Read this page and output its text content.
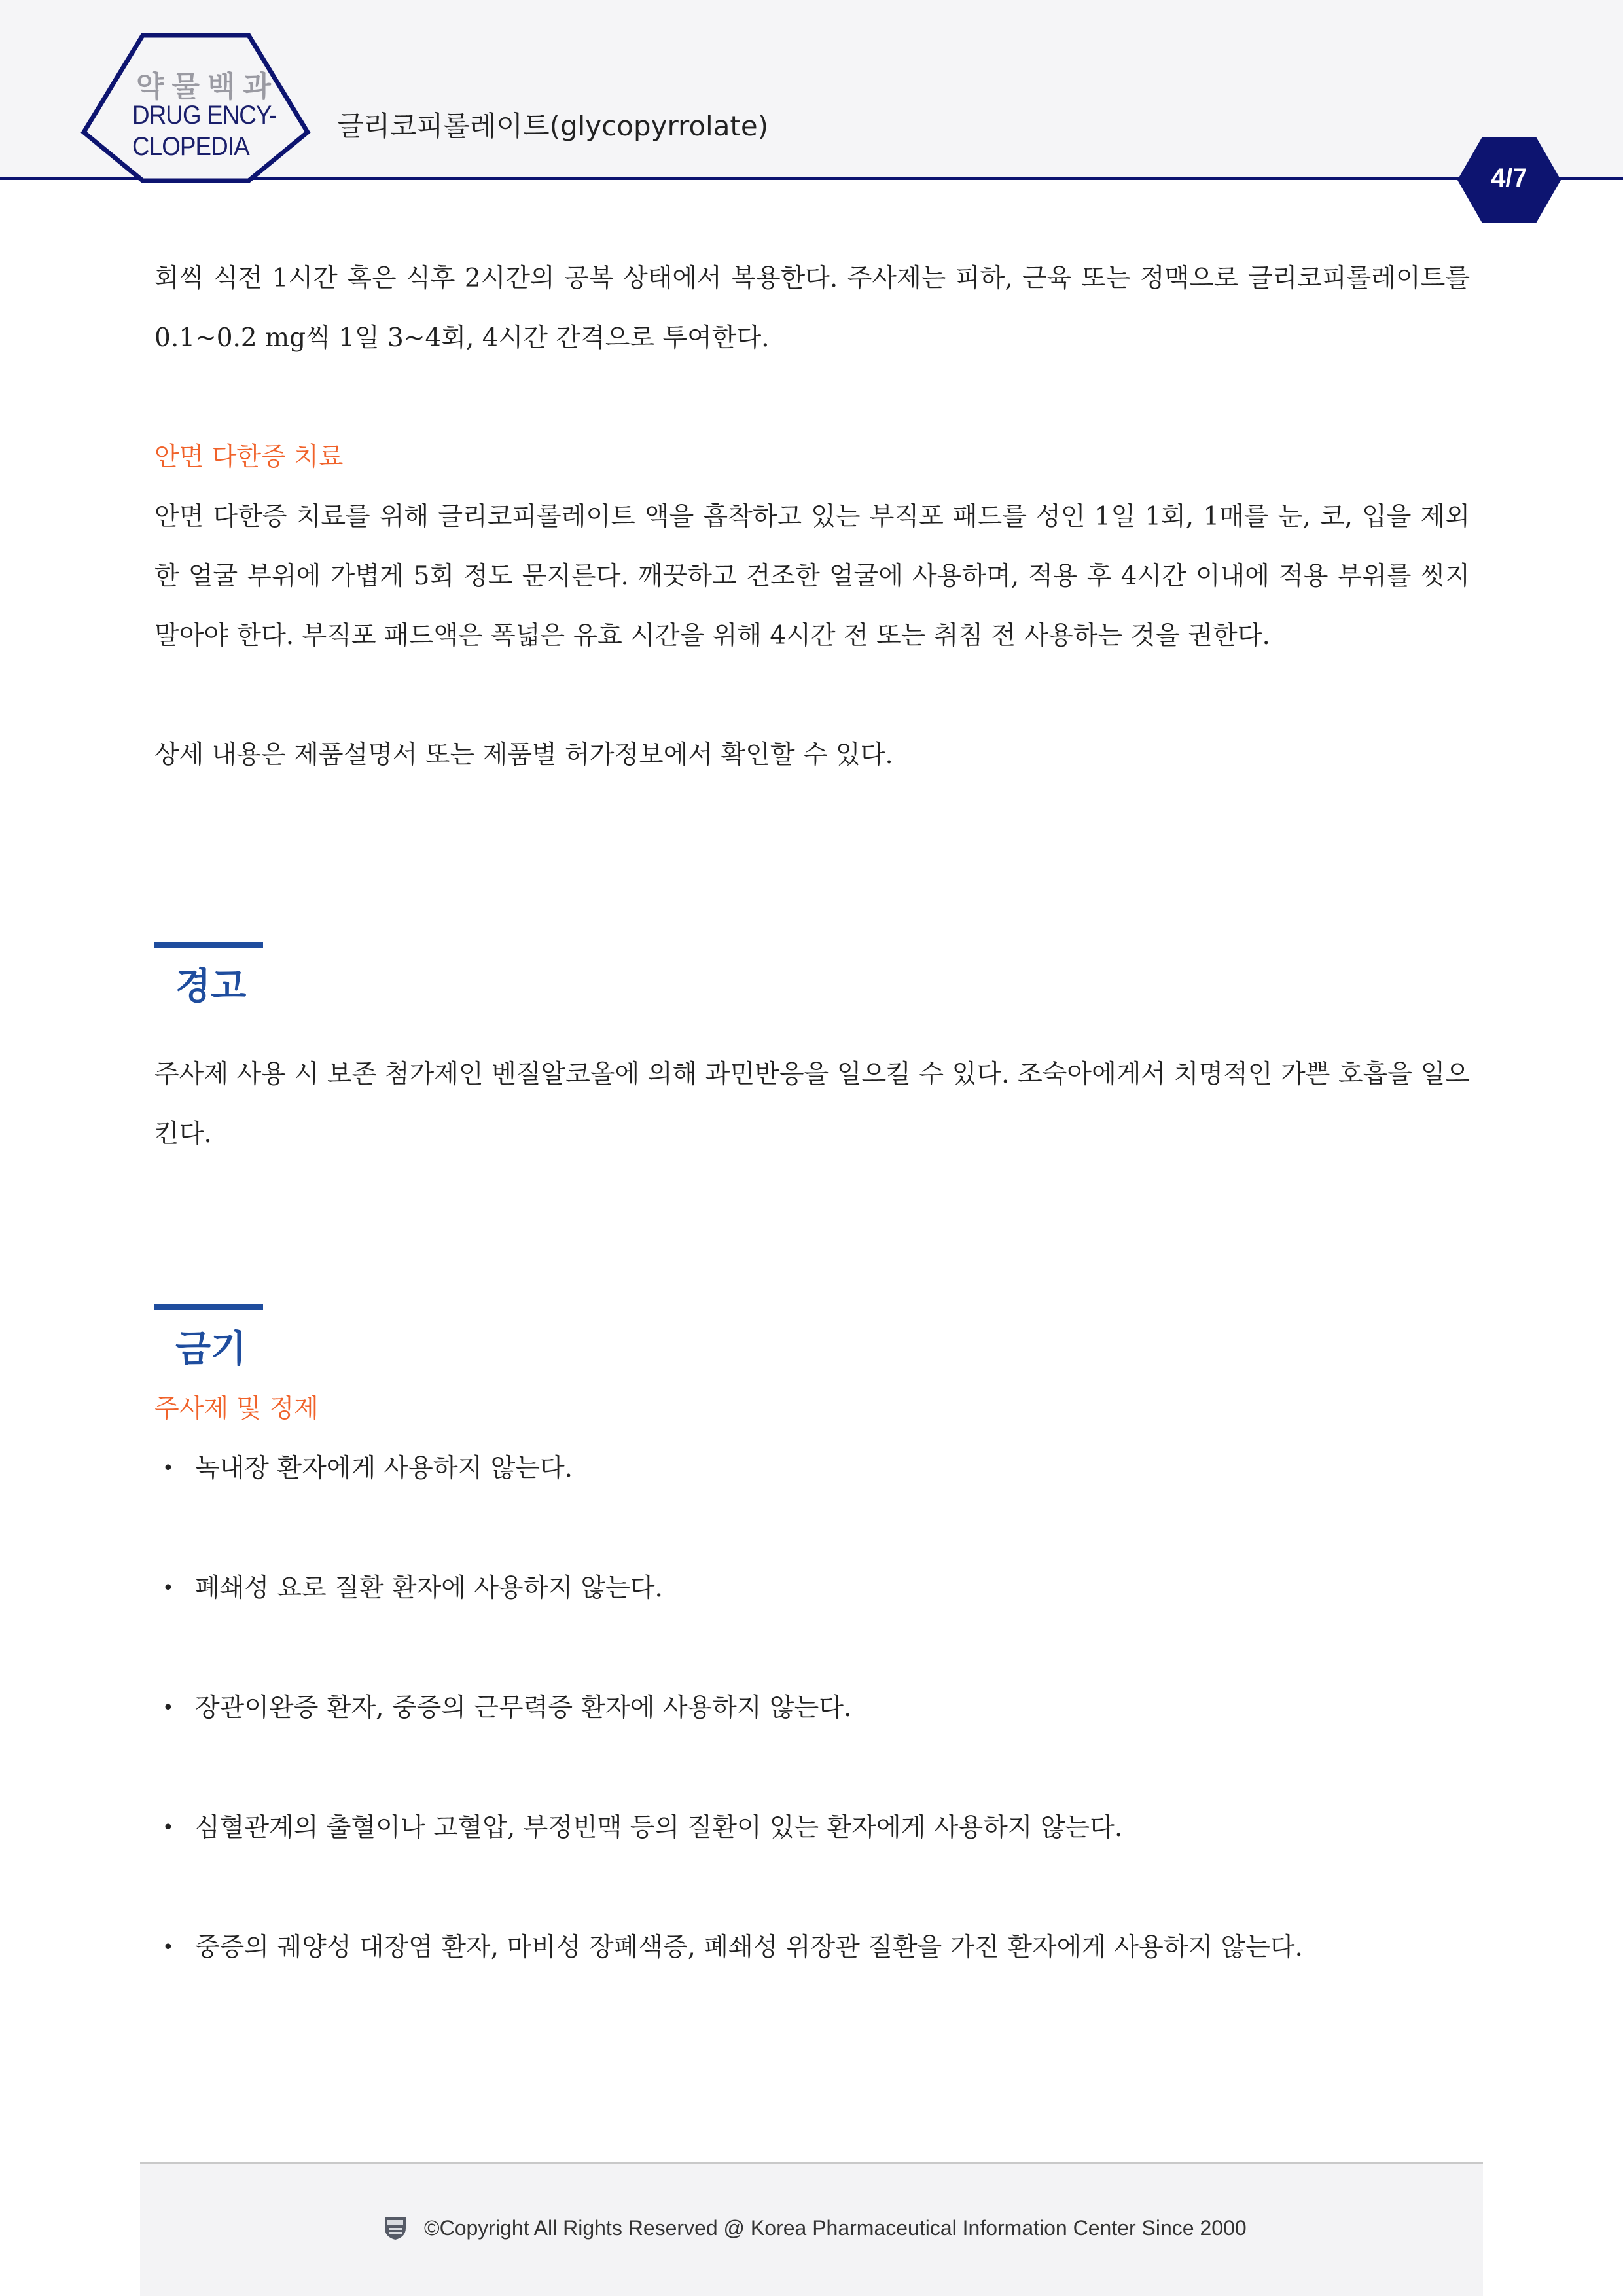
약물백과
DRUG ENCY-
CLOPEDIA
글리코피롤레이트(glycopyrrolate)
4/7

회씩 식전 1시간 혹은 식후 2시간의 공복 상태에서 복용한다. 주사제는 피하, 근육 또는 정맥으로 글리코피롤레이트를 0.1~0.2 mg씩 1일 3~4회, 4시간 간격으로 투여한다.

안면 다한증 치료

안면 다한증 치료를 위해 글리코피롤레이트 액을 흡착하고 있는 부직포 패드를 성인 1일 1회, 1매를 눈, 코, 입을 제외한 얼굴 부위에 가볍게 5회 정도 문지른다. 깨끗하고 건조한 얼굴에 사용하며, 적용 후 4시간 이내에 적용 부위를 씻지 말아야 한다. 부직포 패드액은 폭넓은 유효 시간을 위해 4시간 전 또는 취침 전 사용하는 것을 권한다.

상세 내용은 제품설명서 또는 제품별 허가정보에서 확인할 수 있다.

경고

주사제 사용 시 보존 첨가제인 벤질알코올에 의해 과민반응을 일으킬 수 있다. 조숙아에게서 치명적인 가쁜 호흡을 일으킨다.

금기

주사제 및 정제

• 녹내장 환자에게 사용하지 않는다.
• 폐쇄성 요로 질환 환자에 사용하지 않는다.
• 장관이완증 환자, 중증의 근무력증 환자에 사용하지 않는다.
• 심혈관계의 출혈이나 고혈압, 부정빈맥 등의 질환이 있는 환자에게 사용하지 않는다.
• 중증의 궤양성 대장염 환자, 마비성 장폐색증, 폐쇄성 위장관 질환을 가진 환자에게 사용하지 않는다.
©Copyright All Rights Reserved @ Korea Pharmaceutical Information Center Since 2000
